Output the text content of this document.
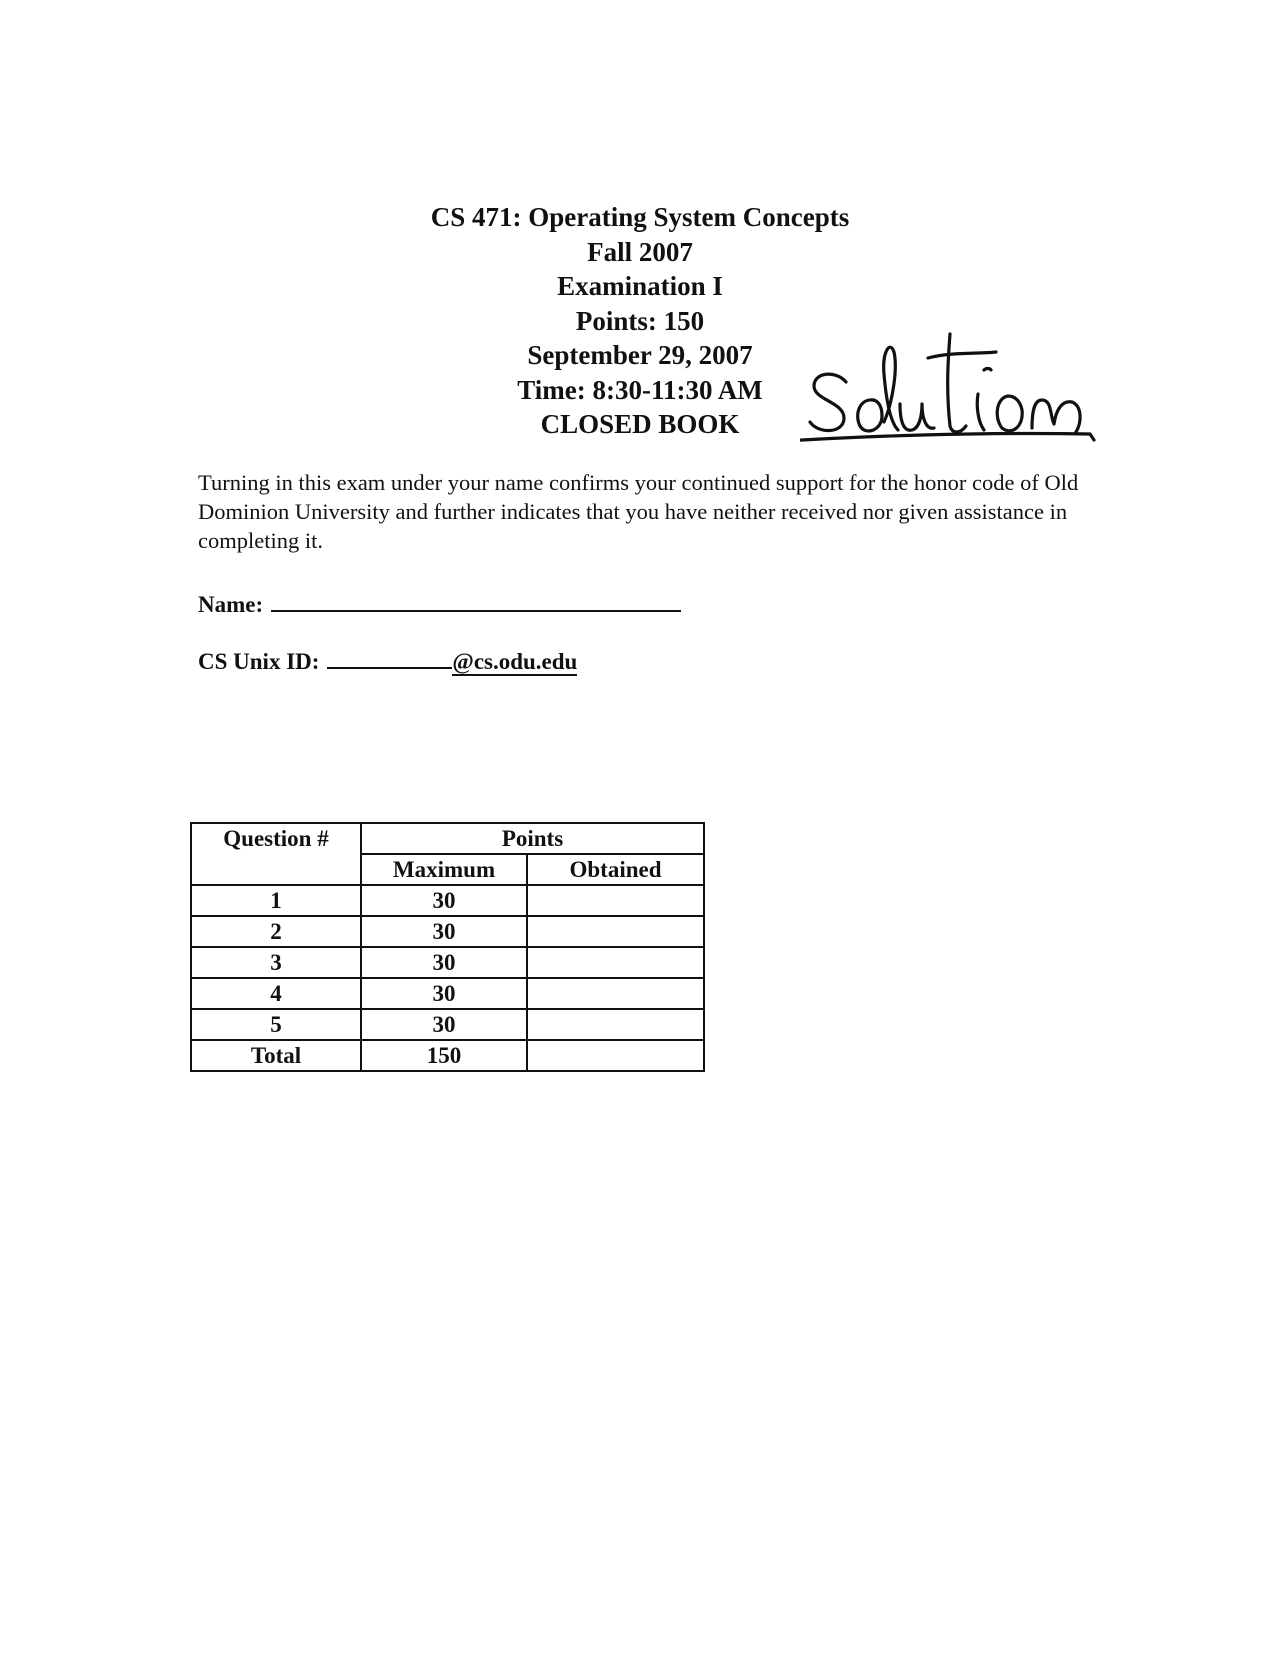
CS 471: Operating System Concepts
Fall 2007
Examination I
Points: 150
September 29, 2007
Time: 8:30-11:30 AM
CLOSED BOOK
Turning in this exam under your name confirms your continued support for the honor code of Old Dominion University and further indicates that you have neither received nor given assistance in completing it.
Name:
CS Unix ID:	@cs.odu.edu
Question #	Points	
	Maximum	Obtained
1	30	
2	30	
3	30	
4	30	
5	30	
Total	150	
